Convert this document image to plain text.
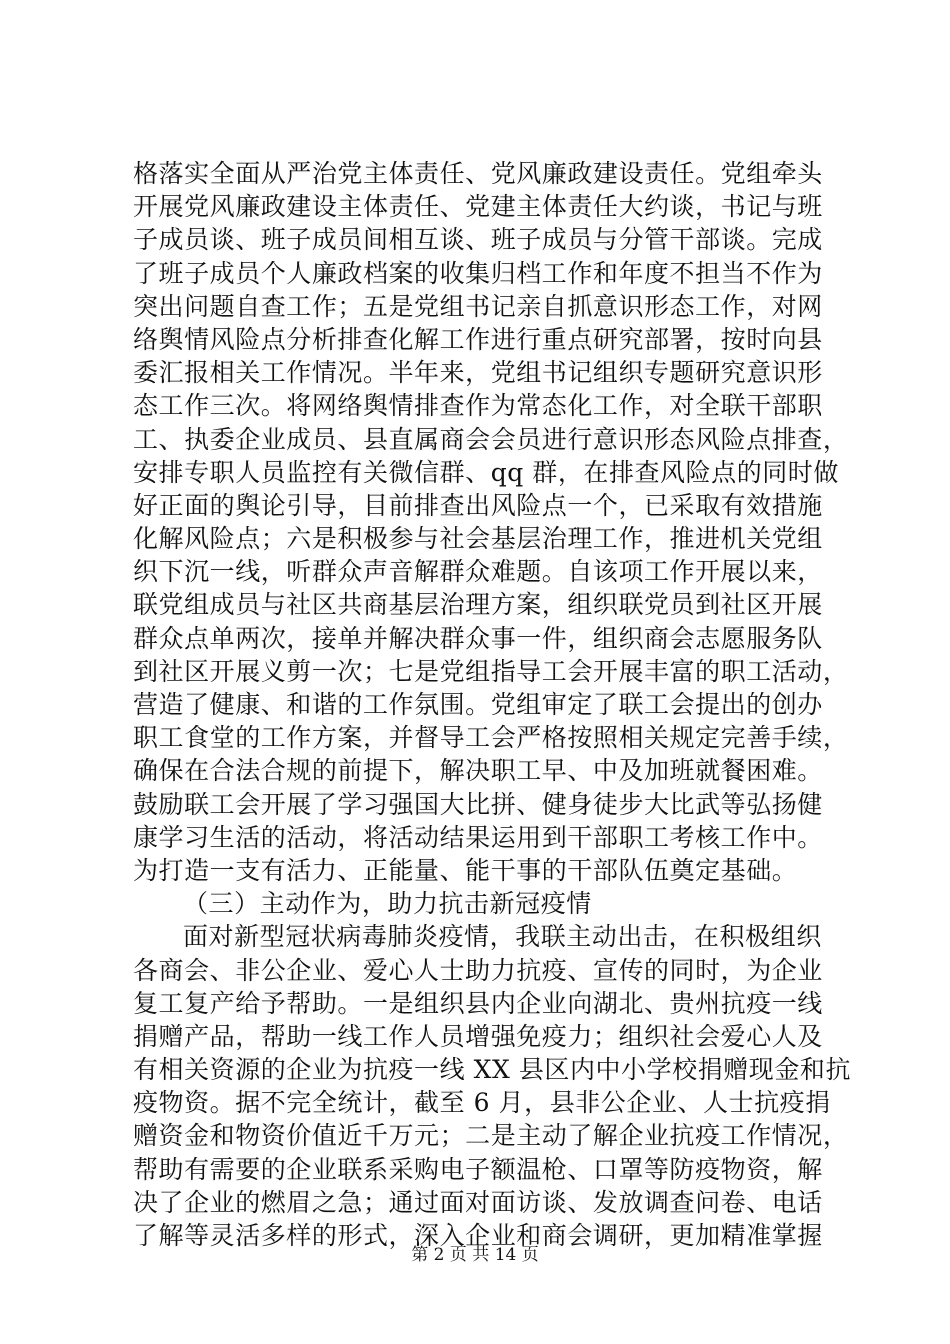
格落实全面从严治党主体责任、党风廉政建设责任。党组牵头
开展党风廉政建设主体责任、党建主体责任大约谈，书记与班
子成员谈、班子成员间相互谈、班子成员与分管干部谈。完成
了班子成员个人廉政档案的收集归档工作和年度不担当不作为
突出问题自查工作；五是党组书记亲自抓意识形态工作，对网
络舆情风险点分析排查化解工作进行重点研究部署，按时向县
委汇报相关工作情况。半年来，党组书记组织专题研究意识形
态工作三次。将网络舆情排查作为常态化工作，对全联干部职
工、执委企业成员、县直属商会会员进行意识形态风险点排查，
安排专职人员监控有关微信群、qq 群，在排查风险点的同时做
好正面的舆论引导，目前排查出风险点一个，已采取有效措施
化解风险点；六是积极参与社会基层治理工作，推进机关党组
织下沉一线，听群众声音解群众难题。自该项工作开展以来，
联党组成员与社区共商基层治理方案，组织联党员到社区开展
群众点单两次，接单并解决群众事一件，组织商会志愿服务队
到社区开展义剪一次；七是党组指导工会开展丰富的职工活动，
营造了健康、和谐的工作氛围。党组审定了联工会提出的创办
职工食堂的工作方案，并督导工会严格按照相关规定完善手续，
确保在合法合规的前提下，解决职工早、中及加班就餐困难。
鼓励联工会开展了学习强国大比拼、健身徒步大比武等弘扬健
康学习生活的活动，将活动结果运用到干部职工考核工作中。
为打造一支有活力、正能量、能干事的干部队伍奠定基础。
（三）主动作为，助力抗击新冠疫情
面对新型冠状病毒肺炎疫情，我联主动出击，在积极组织
各商会、非公企业、爱心人士助力抗疫、宣传的同时，为企业
复工复产给予帮助。一是组织县内企业向湖北、贵州抗疫一线
捐赠产品，帮助一线工作人员增强免疫力；组织社会爱心人及
有相关资源的企业为抗疫一线 XX 县区内中小学校捐赠现金和抗
疫物资。据不完全统计，截至 6 月，县非公企业、人士抗疫捐
赠资金和物资价值近千万元；二是主动了解企业抗疫工作情况，
帮助有需要的企业联系采购电子额温枪、口罩等防疫物资，解
决了企业的燃眉之急；通过面对面访谈、发放调查问卷、电话
了解等灵活多样的形式，深入企业和商会调研，更加精准掌握
第 2 页 共 14 页
